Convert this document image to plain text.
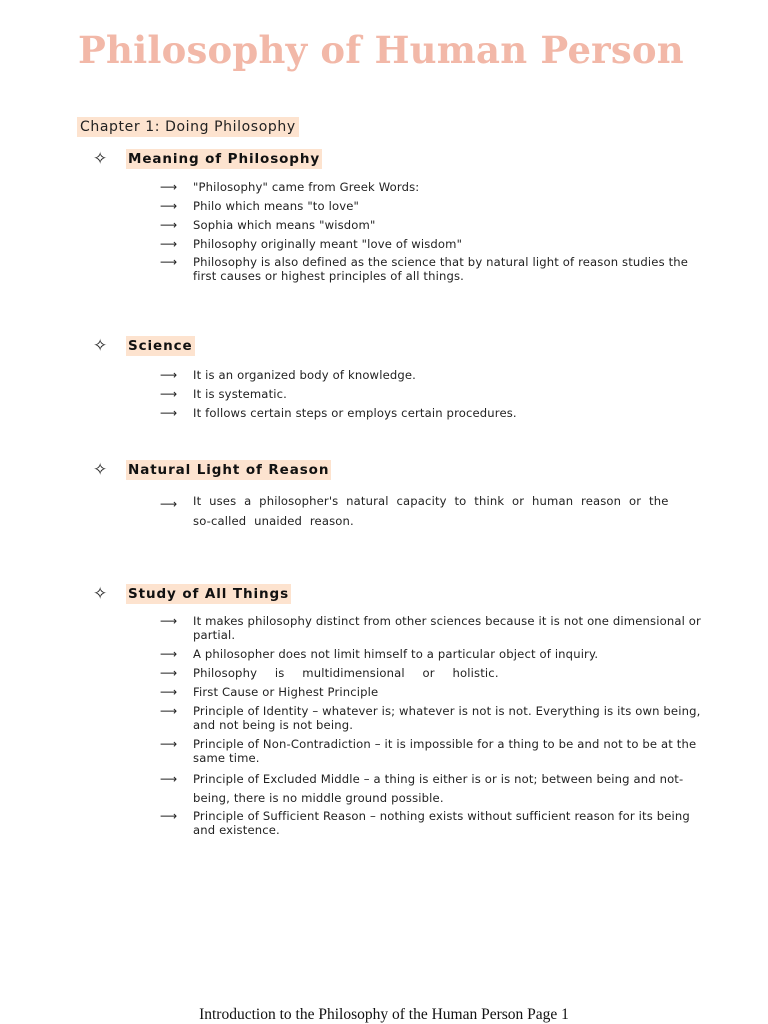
Philosophy of Human Person
Chapter 1: Doing Philosophy
✧ Meaning of Philosophy
⟶ "Philosophy" came from Greek Words:
⟶ Philo which means "to love"
⟶ Sophia which means "wisdom"
⟶ Philosophy originally meant "love of wisdom"
⟶ Philosophy is also defined as the science that by natural light of reason studies the first causes or highest principles of all things.
✧ Science
⟶ It is an organized body of knowledge.
⟶ It is systematic.
⟶ It follows certain steps or employs certain procedures.
✧ Natural Light of Reason
⟶ It uses a philosopher's natural capacity to think or human reason or the so-called unaided reason.
✧ Study of All Things
⟶ It makes philosophy distinct from other sciences because it is not one dimensional or partial.
⟶ A philosopher does not limit himself to a particular object of inquiry.
⟶ Philosophy is multidimensional or holistic.
⟶ First Cause or Highest Principle
⟶ Principle of Identity – whatever is; whatever is not is not. Everything is its own being, and not being is not being.
⟶ Principle of Non-Contradiction – it is impossible for a thing to be and not to be at the same time.
⟶ Principle of Excluded Middle – a thing is either is or is not; between being and not-being, there is no middle ground possible.
⟶ Principle of Sufficient Reason – nothing exists without sufficient reason for its being and existence.
Introduction to the Philosophy of the Human Person Page 1
